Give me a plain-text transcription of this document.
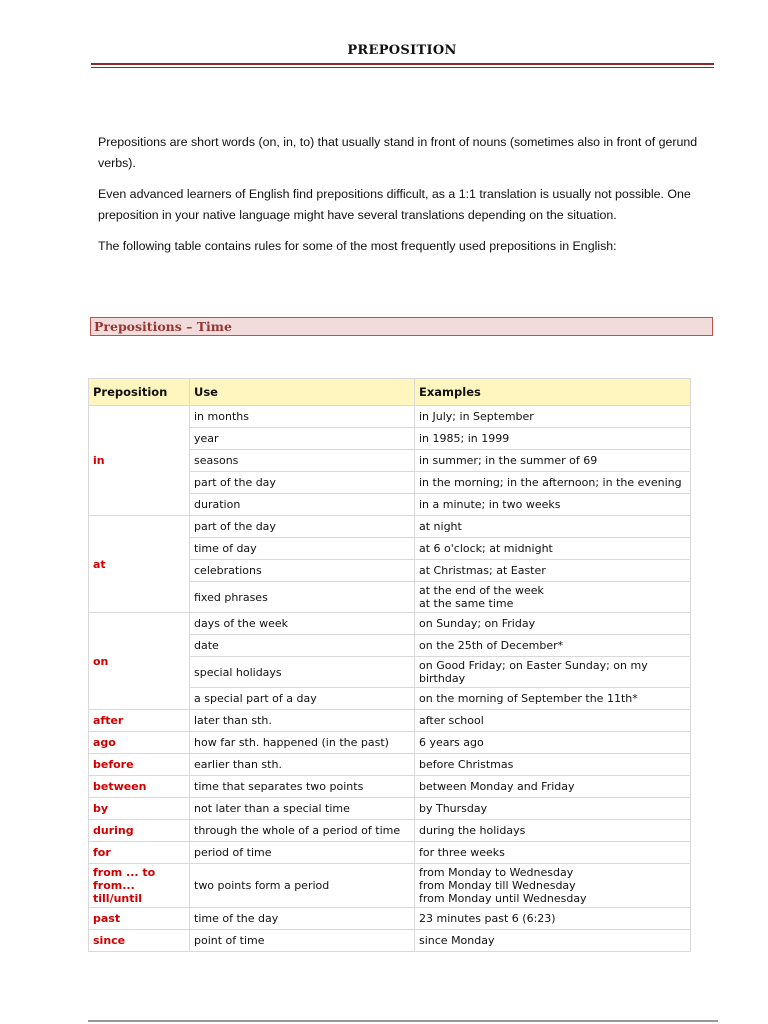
PREPOSITION

Prepositions are short words (on, in, to) that usually stand in front of nouns (sometimes also in front of gerund verbs).

Even advanced learners of English find prepositions difficult, as a 1:1 translation is usually not possible. One preposition in your native language might have several translations depending on the situation.

The following table contains rules for some of the most frequently used prepositions in English:

Prepositions – Time
Preposition	Use	Examples
in	in months	in July; in September
	year	in 1985; in 1999
	seasons	in summer; in the summer of 69
	part of the day	in the morning; in the afternoon; in the evening
	duration	in a minute; in two weeks
at	part of the day	at night
	time of day	at 6 o'clock; at midnight
	celebrations	at Christmas; at Easter
	fixed phrases	at the end of the week
at the same time
on	days of the week	on Sunday; on Friday
	date	on the 25th of December*
	special holidays	on Good Friday; on Easter Sunday; on my birthday
	a special part of a day	on the morning of September the 11th*
after	later than sth.	after school
ago	how far sth. happened (in the past)	6 years ago
before	earlier than sth.	before Christmas
between	time that separates two points	between Monday and Friday
by	not later than a special time	by Thursday
during	through the whole of a period of time	during the holidays
for	period of time	for three weeks
from ... to
from...
till/until	two points form a period	from Monday to Wednesday
from Monday till Wednesday
from Monday until Wednesday
past	time of the day	23 minutes past 6 (6:23)
since	point of time	since Monday
